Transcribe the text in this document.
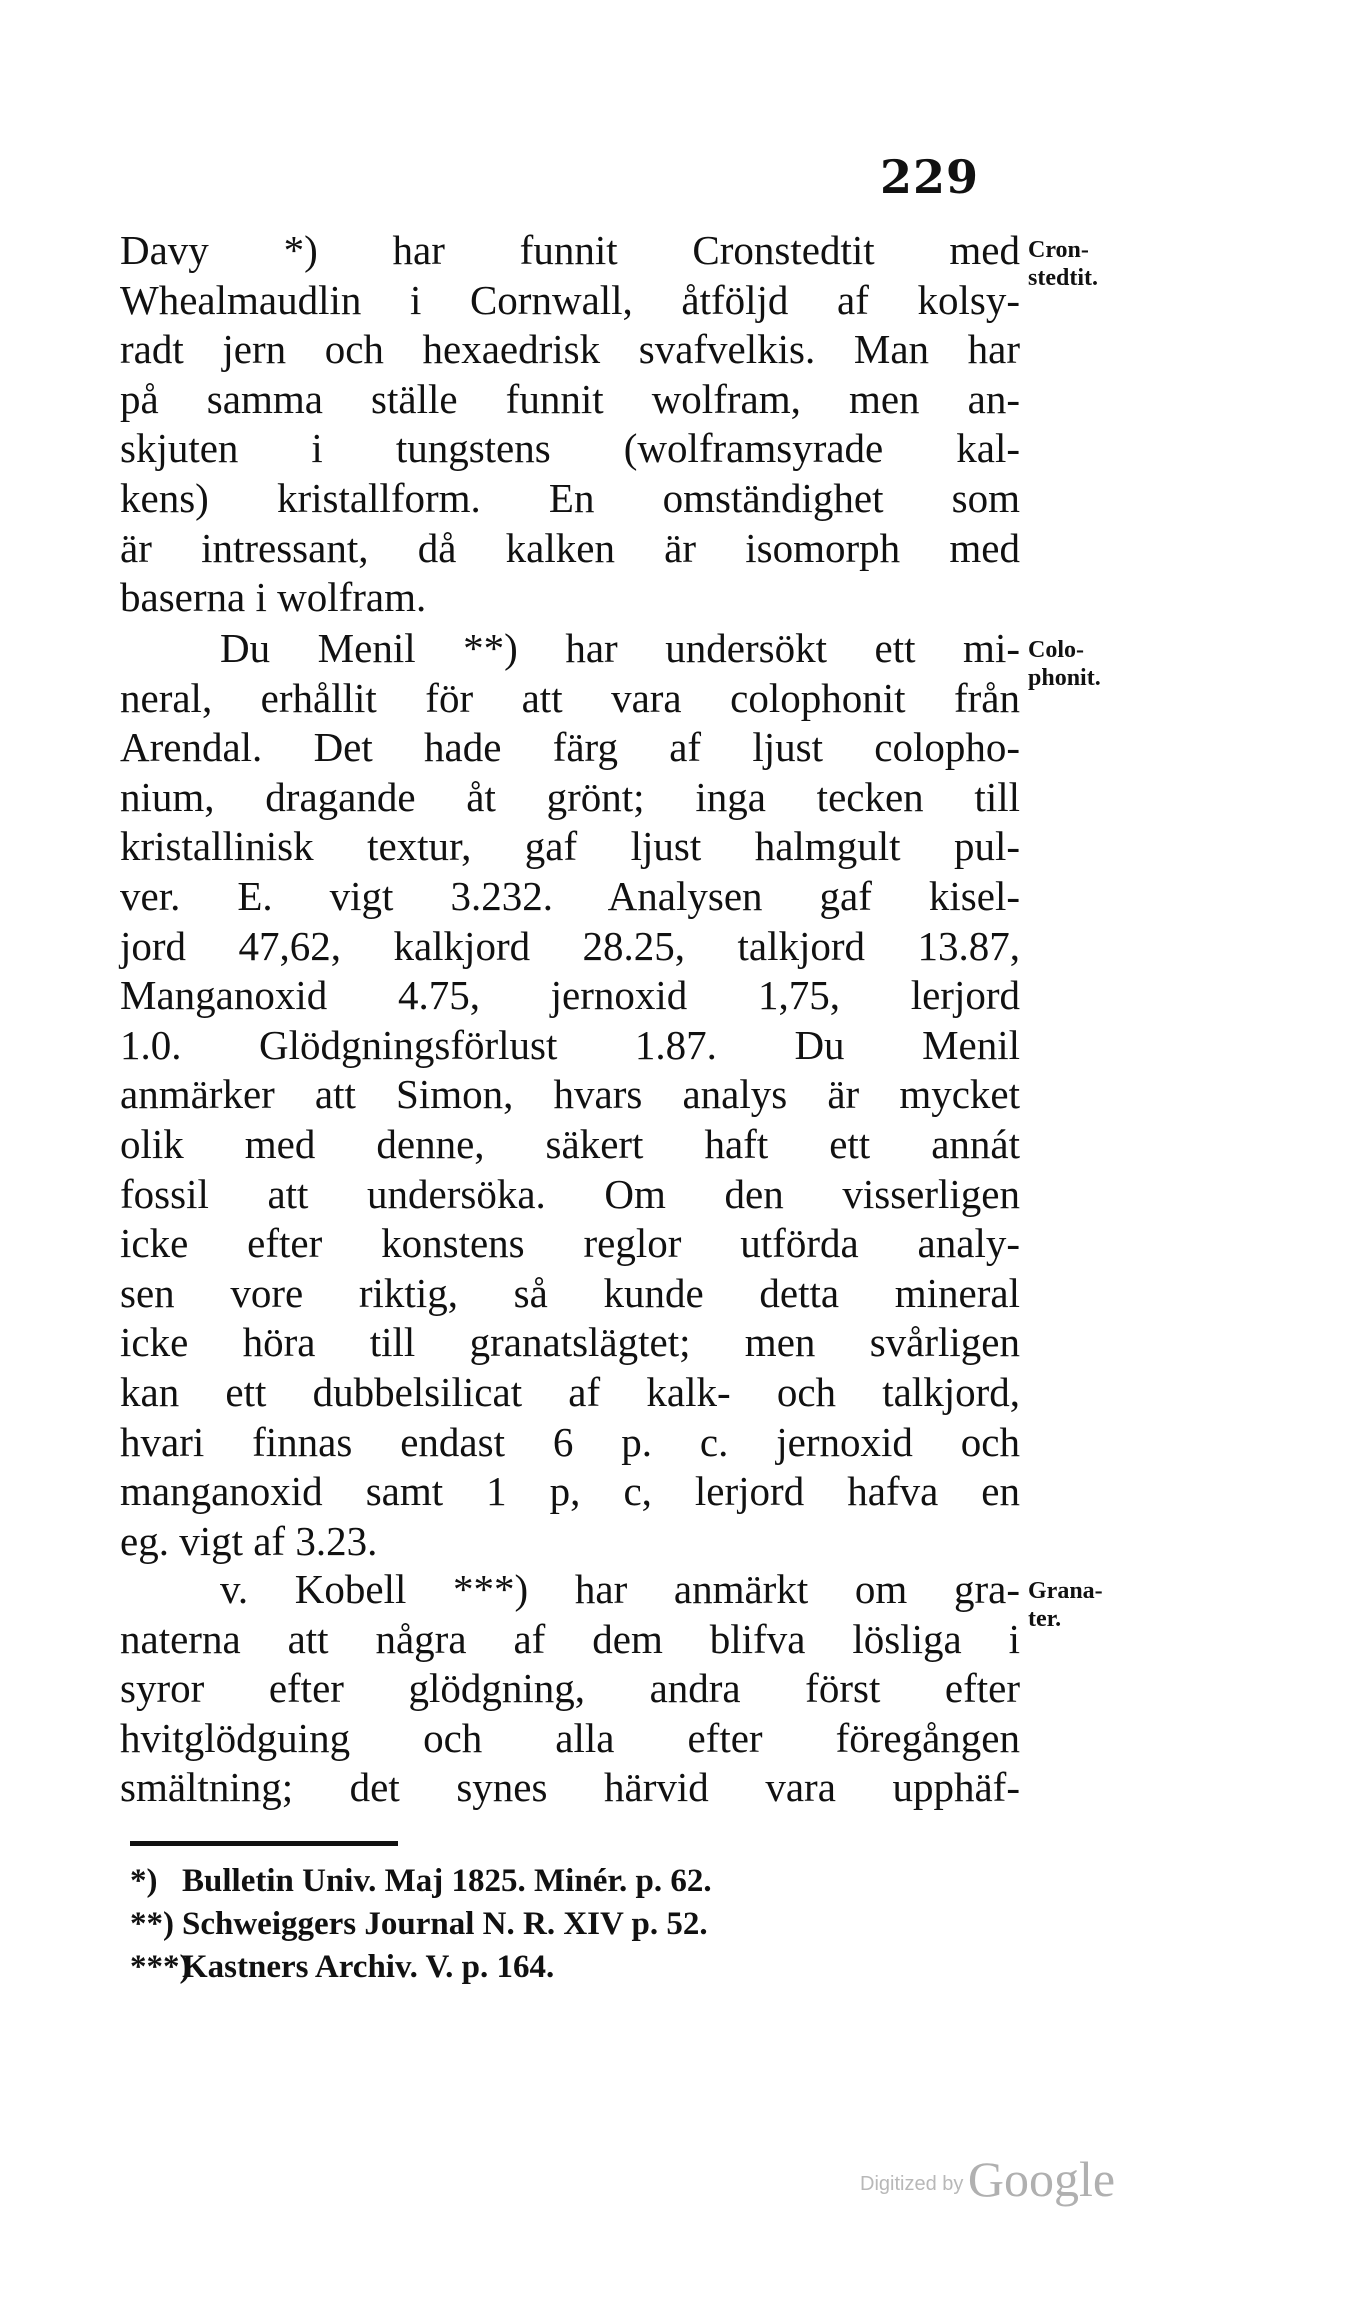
229
Davy *) har funnit Cronstedtit med
Whealmaudlin i Cornwall, åtföljd af kolsy-
radt jern och hexaedrisk svafvelkis. Man har
på samma ställe funnit wolfram, men an-
skjuten i tungstens (wolframsyrade kal-
kens) kristallform. En omständighet som
är intressant, då kalken är isomorph med
baserna i wolfram.
Du Menil **) har undersökt ett mi-
neral, erhållit för att vara colophonit från
Arendal. Det hade färg af ljust colopho-
nium, dragande åt grönt; inga tecken till
kristallinisk textur, gaf ljust halmgult pul-
ver. E. vigt 3.232. Analysen gaf kisel-
jord 47,62, kalkjord 28.25, talkjord 13.87,
Manganoxid 4.75, jernoxid 1,75, lerjord
1.0. Glödgningsförlust 1.87. Du Menil
anmärker att Simon, hvars analys är mycket
olik med denne, säkert haft ett annát
fossil att undersöka. Om den visserligen
icke efter konstens reglor utförda analy-
sen vore riktig, så kunde detta mineral
icke höra till granatslägtet; men svårligen
kan ett dubbelsilicat af kalk- och talkjord,
hvari finnas endast 6 p. c. jernoxid och
manganoxid samt 1 p, c, lerjord hafva en
eg. vigt af 3.23.
v. Kobell ***) har anmärkt om gra-
naterna att några af dem blifva lösliga i
syror efter glödgning, andra först efter
hvitglödguing och alla efter föregången
smältning; det synes härvid vara upphäf-
Cron-
stedtit.
Colo-
phonit.
Grana-
ter.
*) Bulletin Univ. Maj 1825. Minér. p. 62.
**) Schweiggers Journal N. R. XIV p. 52.
***)Kastners Archiv. V. p. 164.
Digitized by Google
